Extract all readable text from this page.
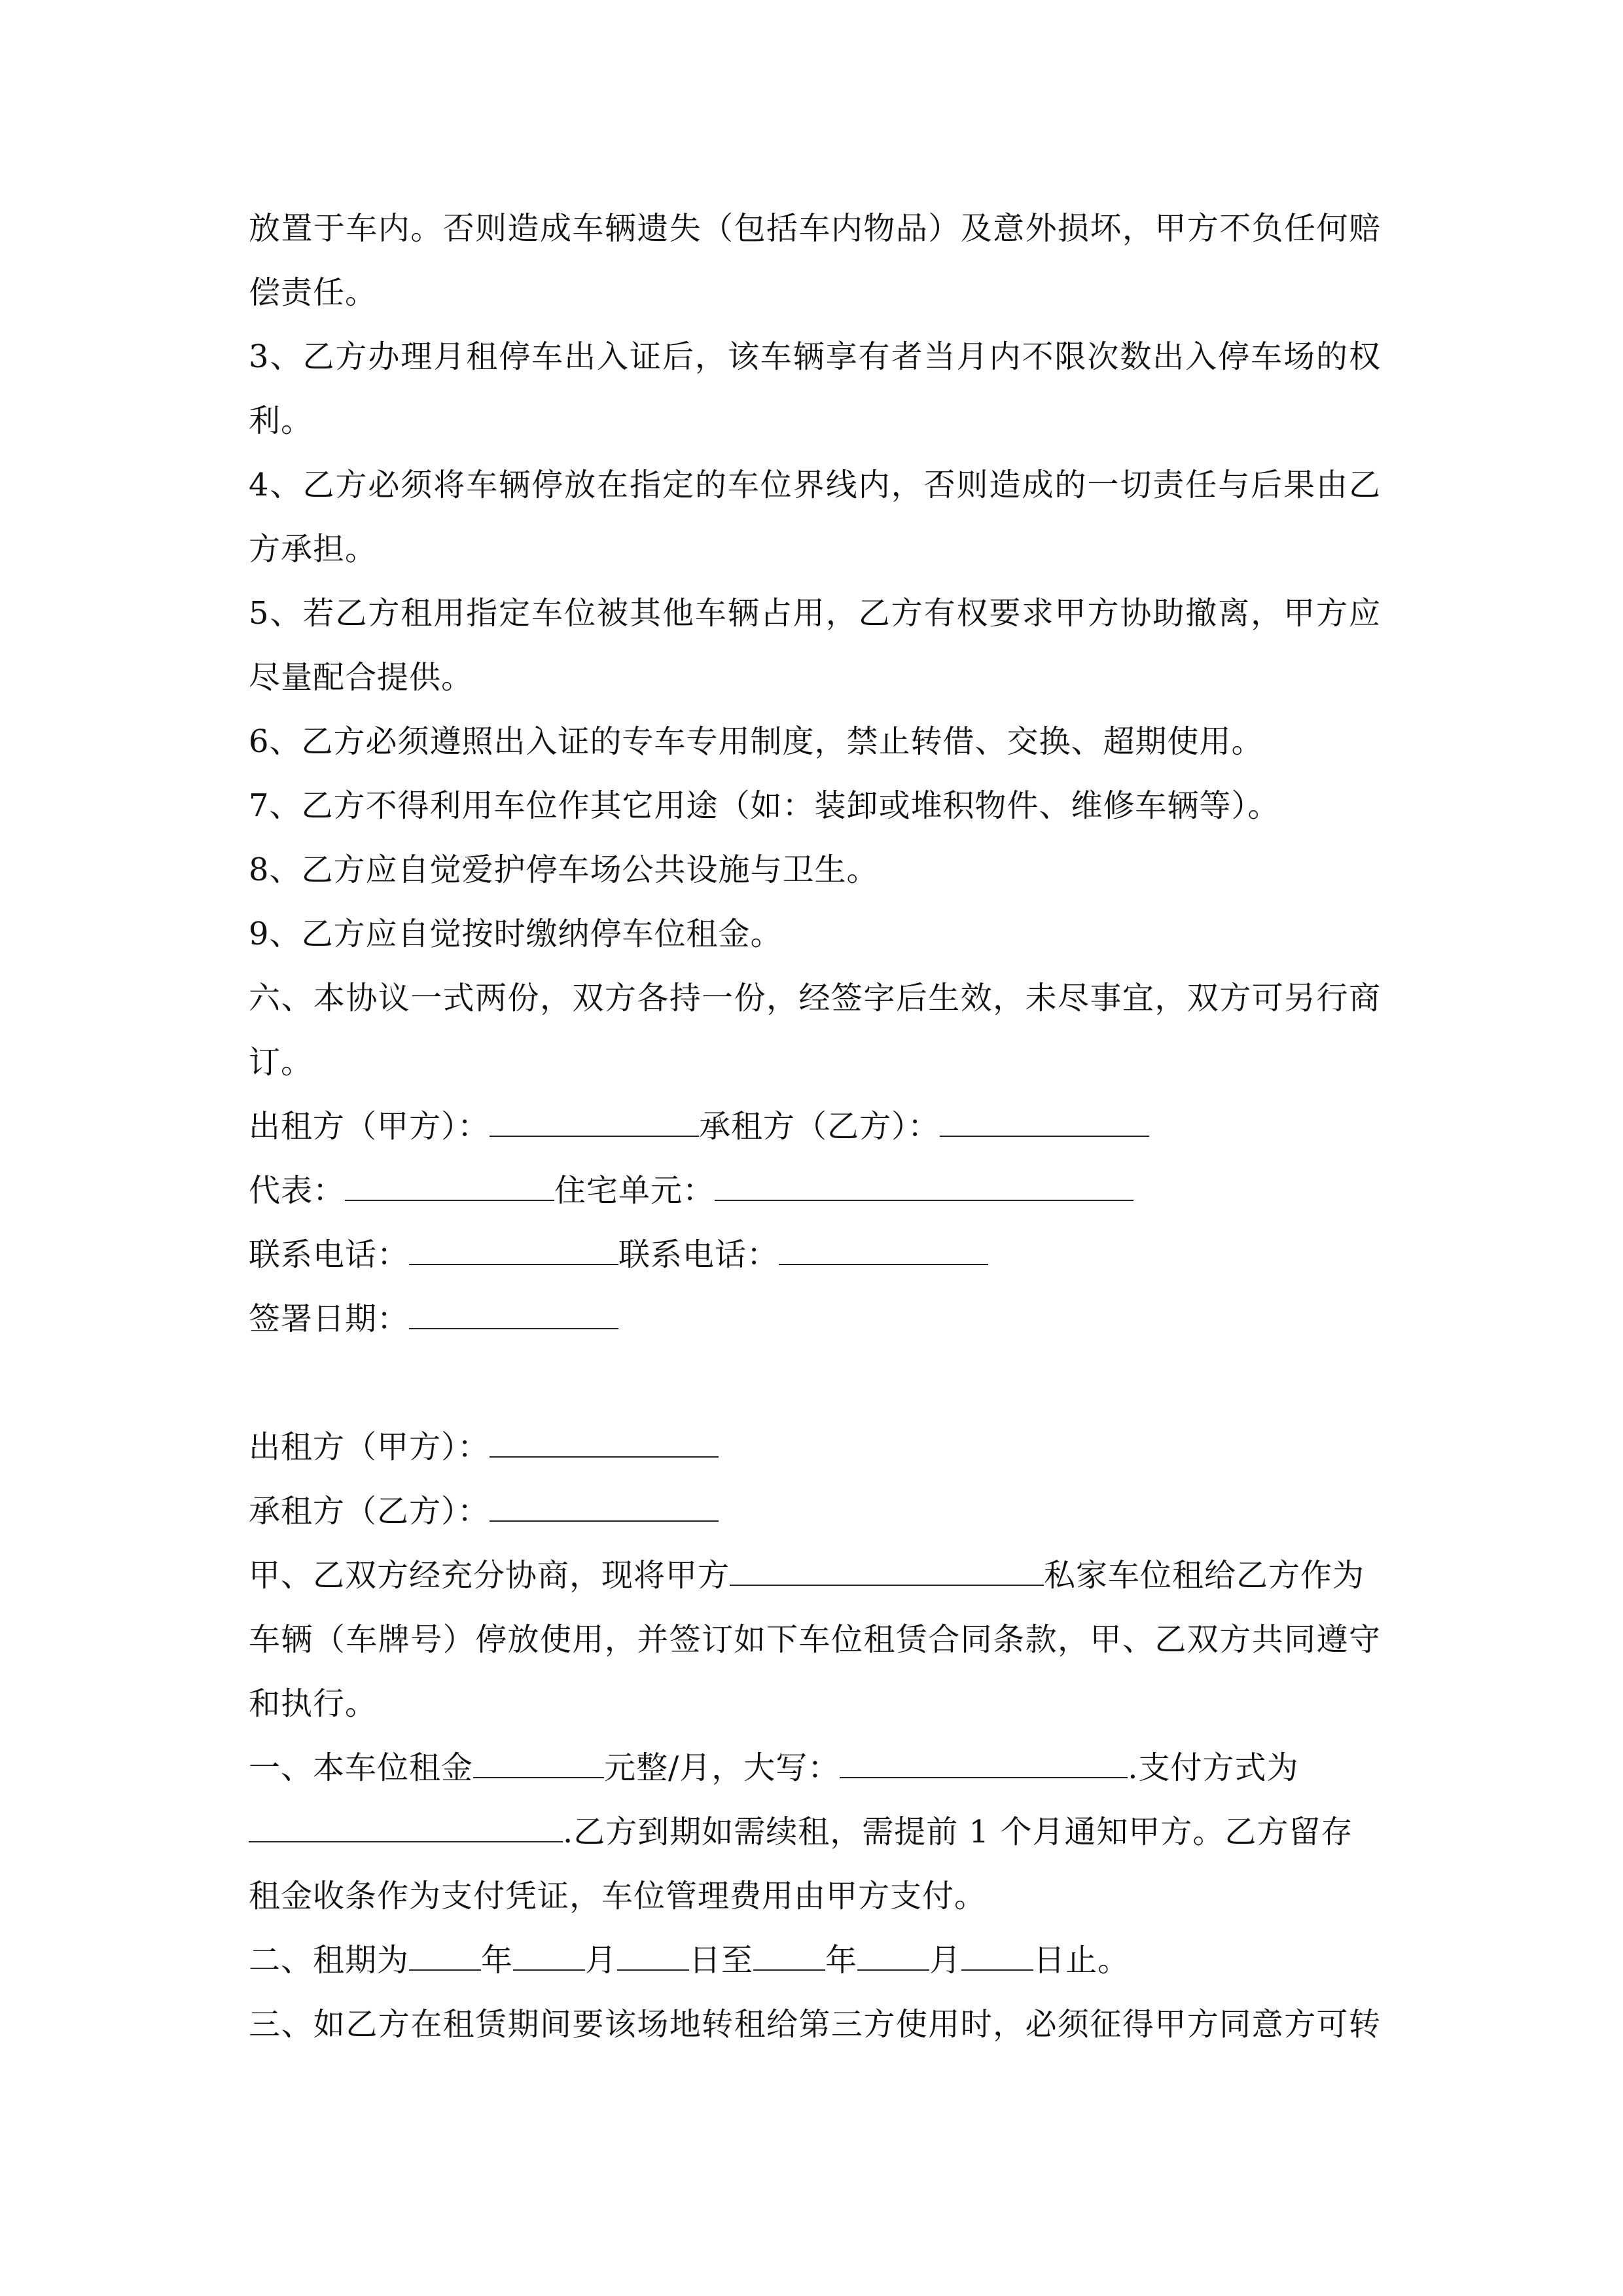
放置于车内。否则造成车辆遗失（包括车内物品）及意外损坏，甲方不负任何赔
偿责任。
3、乙方办理月租停车出入证后，该车辆享有者当月内不限次数出入停车场的权
利。
4、乙方必须将车辆停放在指定的车位界线内，否则造成的一切责任与后果由乙
方承担。
5、若乙方租用指定车位被其他车辆占用，乙方有权要求甲方协助撤离，甲方应
尽量配合提供。
6、乙方必须遵照出入证的专车专用制度，禁止转借、交换、超期使用。
7、乙方不得利用车位作其它用途（如：装卸或堆积物件、维修车辆等）。
8、乙方应自觉爱护停车场公共设施与卫生。
9、乙方应自觉按时缴纳停车位租金。
六、本协议一式两份，双方各持一份，经签字后生效，未尽事宜，双方可另行商
订。
出租方（甲方）：	承租方（乙方）：
代表：	住宅单元：
联系电话：	联系电话：
签署日期：
出租方（甲方）：
承租方（乙方）：
甲、乙双方经充分协商，现将甲方	私家车位租给乙方作为
车辆（车牌号）停放使用，并签订如下车位租赁合同条款，甲、乙双方共同遵守
和执行。
一、本车位租金	元整/月，大写：	.支付方式为
.乙方到期如需续租，需提前 1 个月通知甲方。乙方留存
租金收条作为支付凭证，车位管理费用由甲方支付。
二、租期为 年 月 日至 年 月 日止。
三、如乙方在租赁期间要该场地转租给第三方使用时，必须征得甲方同意方可转
